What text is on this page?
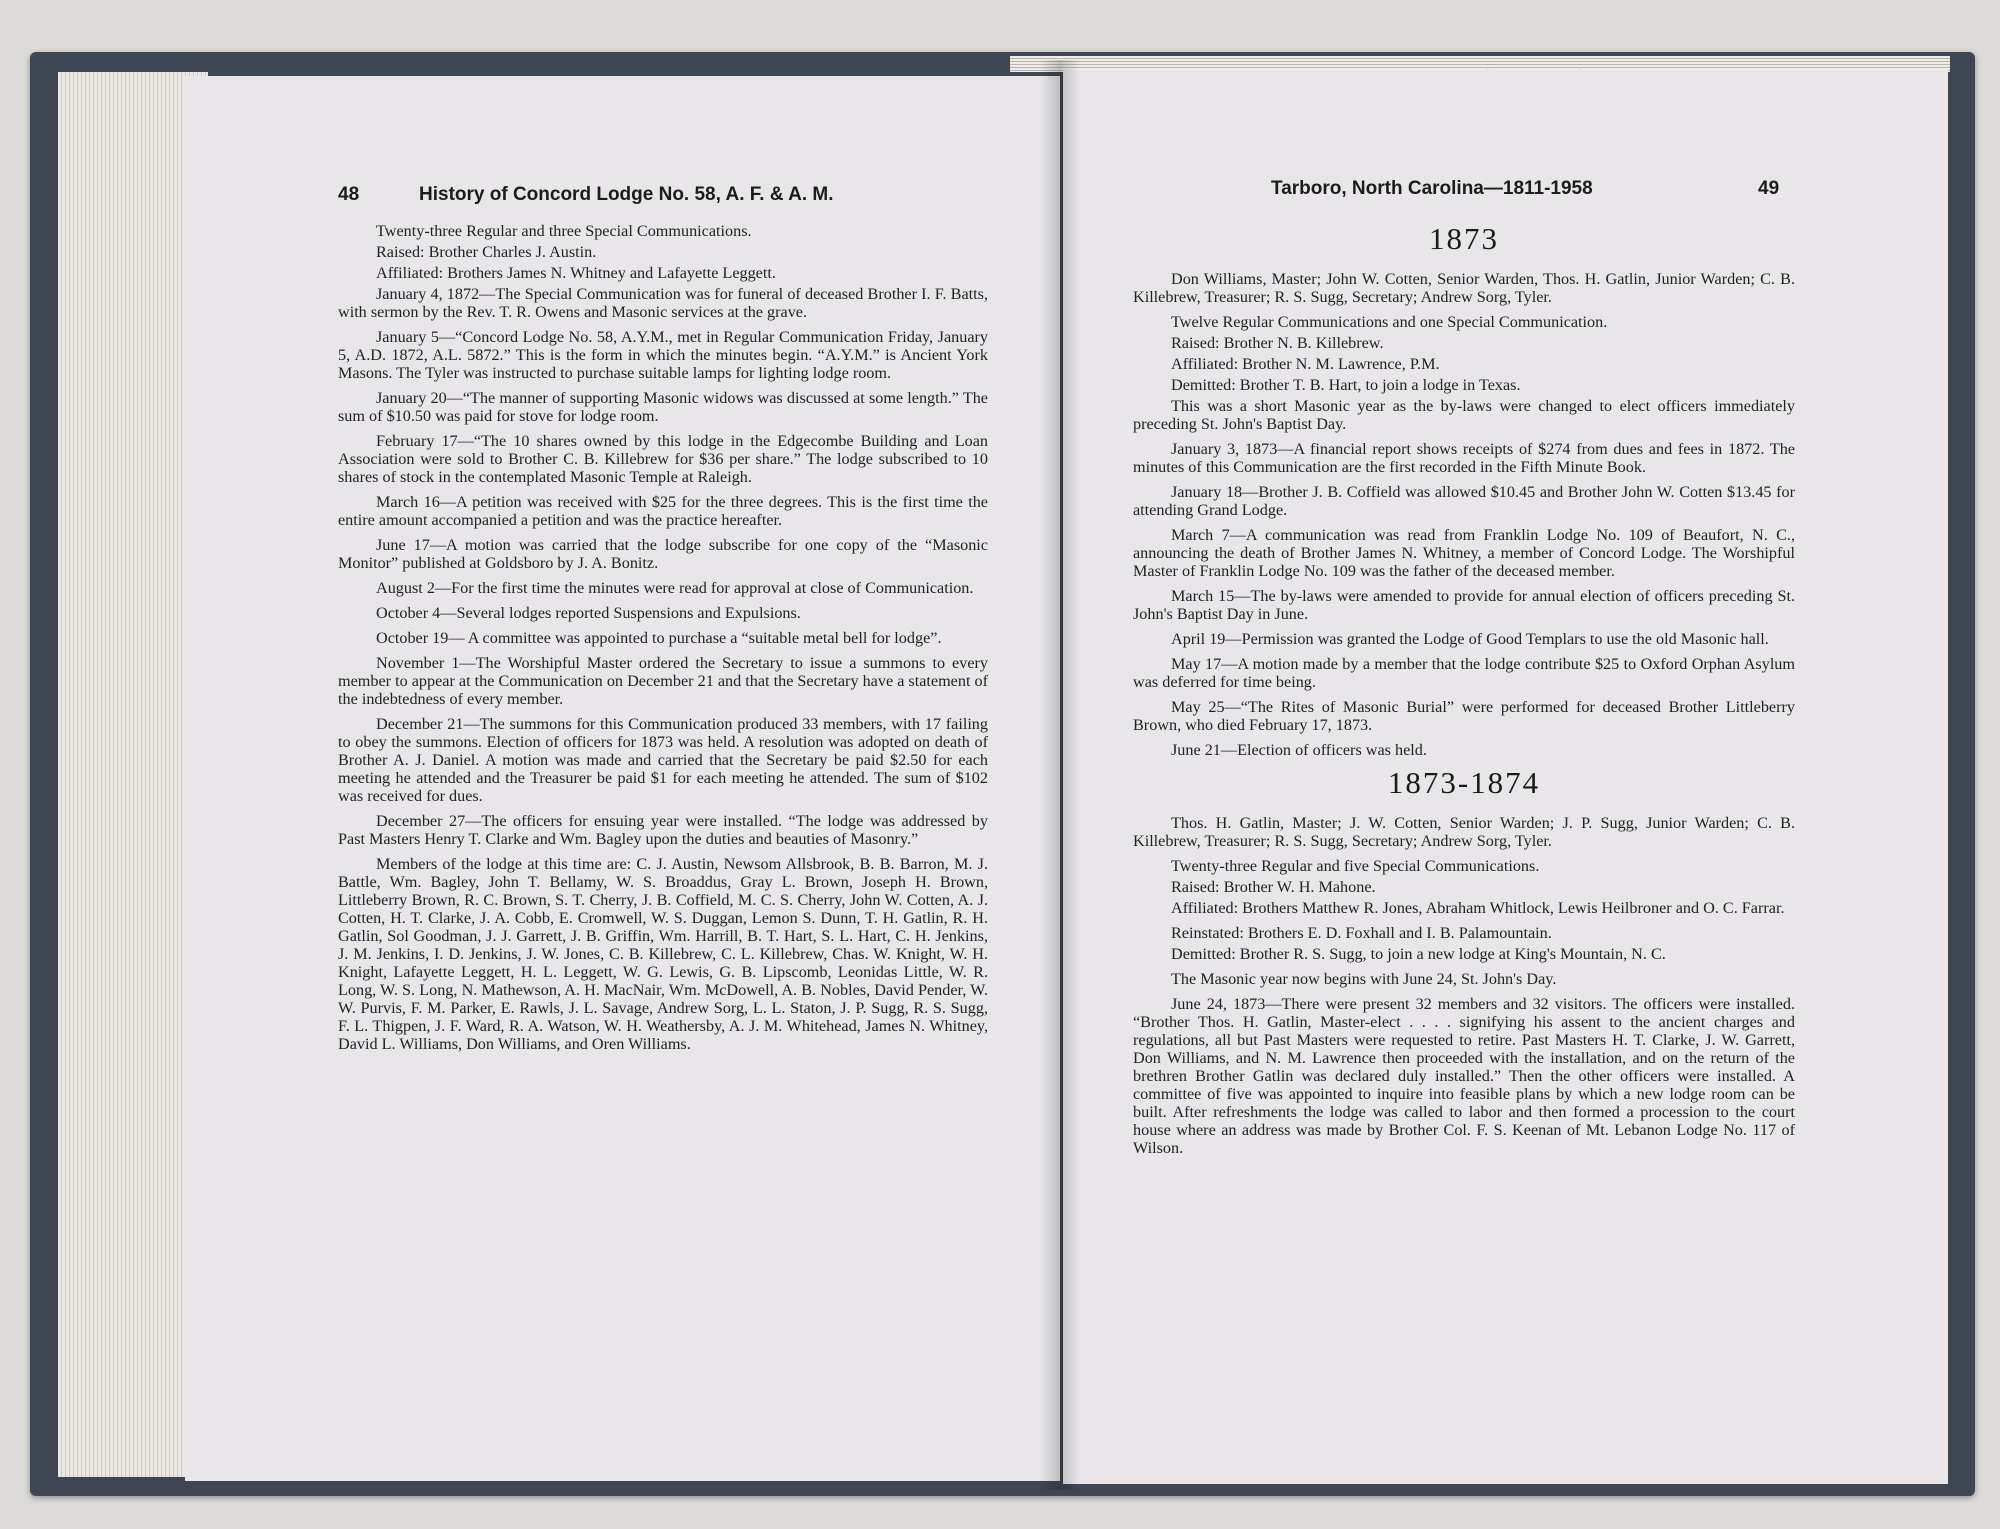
48	History of Concord Lodge No. 58, A. F. & A. M.

Twenty-three Regular and three Special Communications.

Raised: Brother Charles J. Austin.

Affiliated: Brothers James N. Whitney and Lafayette Leggett.

January 4, 1872—The Special Communication was for funeral of deceased Brother I. F. Batts, with sermon by the Rev. T. R. Owens and Masonic services at the grave.

January 5—“Concord Lodge No. 58, A.Y.M., met in Regular Communication Friday, January 5, A.D. 1872, A.L. 5872.” This is the form in which the minutes begin. “A.Y.M.” is Ancient York Masons. The Tyler was instructed to purchase suitable lamps for lighting lodge room.

January 20—“The manner of supporting Masonic widows was discussed at some length.” The sum of $10.50 was paid for stove for lodge room.

February 17—“The 10 shares owned by this lodge in the Edgecombe Building and Loan Association were sold to Brother C. B. Killebrew for $36 per share.” The lodge subscribed to 10 shares of stock in the contemplated Masonic Temple at Raleigh.

March 16—A petition was received with $25 for the three degrees. This is the first time the entire amount accompanied a petition and was the practice hereafter.

June 17—A motion was carried that the lodge subscribe for one copy of the “Masonic Monitor” published at Goldsboro by J. A. Bonitz.

August 2—For the first time the minutes were read for approval at close of Communication.

October 4—Several lodges reported Suspensions and Expulsions.

October 19— A committee was appointed to purchase a “suitable metal bell for lodge”.

November 1—The Worshipful Master ordered the Secretary to issue a summons to every member to appear at the Communication on December 21 and that the Secretary have a statement of the indebtedness of every member.

December 21—The summons for this Communication produced 33 members, with 17 failing to obey the summons. Election of officers for 1873 was held. A resolution was adopted on death of Brother A. J. Daniel. A motion was made and carried that the Secretary be paid $2.50 for each meeting he attended and the Treasurer be paid $1 for each meeting he attended. The sum of $102 was received for dues.

December 27—The officers for ensuing year were installed. “The lodge was addressed by Past Masters Henry T. Clarke and Wm. Bagley upon the duties and beauties of Masonry.”

Members of the lodge at this time are: C. J. Austin, Newsom Allsbrook, B. B. Barron, M. J. Battle, Wm. Bagley, John T. Bellamy, W. S. Broaddus, Gray L. Brown, Joseph H. Brown, Littleberry Brown, R. C. Brown, S. T. Cherry, J. B. Coffield, M. C. S. Cherry, John W. Cotten, A. J. Cotten, H. T. Clarke, J. A. Cobb, E. Cromwell, W. S. Duggan, Lemon S. Dunn, T. H. Gatlin, R. H. Gatlin, Sol Goodman, J. J. Garrett, J. B. Griffin, Wm. Harrill, B. T. Hart, S. L. Hart, C. H. Jenkins, J. M. Jenkins, I. D. Jenkins, J. W. Jones, C. B. Killebrew, C. L. Killebrew, Chas. W. Knight, W. H. Knight, Lafayette Leggett, H. L. Leggett, W. G. Lewis, G. B. Lipscomb, Leonidas Little, W. R. Long, W. S. Long, N. Mathewson, A. H. MacNair, Wm. McDowell, A. B. Nobles, David Pender, W. W. Purvis, F. M. Parker, E. Rawls, J. L. Savage, Andrew Sorg, L. L. Staton, J. P. Sugg, R. S. Sugg, F. L. Thigpen, J. F. Ward, R. A. Watson, W. H. Weathersby, A. J. M. Whitehead, James N. Whitney, David L. Williams, Don Williams, and Oren Williams.

Tarboro, North Carolina—1811-1958	49
1873

Don Williams, Master; John W. Cotten, Senior Warden, Thos. H. Gatlin, Junior Warden; C. B. Killebrew, Treasurer; R. S. Sugg, Secretary; Andrew Sorg, Tyler.

Twelve Regular Communications and one Special Communication.

Raised: Brother N. B. Killebrew.

Affiliated: Brother N. M. Lawrence, P.M.

Demitted: Brother T. B. Hart, to join a lodge in Texas.

This was a short Masonic year as the by-laws were changed to elect officers immediately preceding St. John's Baptist Day.

January 3, 1873—A financial report shows receipts of $274 from dues and fees in 1872. The minutes of this Communication are the first recorded in the Fifth Minute Book.

January 18—Brother J. B. Coffield was allowed $10.45 and Brother John W. Cotten $13.45 for attending Grand Lodge.

March 7—A communication was read from Franklin Lodge No. 109 of Beaufort, N. C., announcing the death of Brother James N. Whitney, a member of Concord Lodge. The Worshipful Master of Franklin Lodge No. 109 was the father of the deceased member.

March 15—The by-laws were amended to provide for annual election of officers preceding St. John's Baptist Day in June.

April 19—Permission was granted the Lodge of Good Templars to use the old Masonic hall.

May 17—A motion made by a member that the lodge contribute $25 to Oxford Orphan Asylum was deferred for time being.

May 25—“The Rites of Masonic Burial” were performed for deceased Brother Littleberry Brown, who died February 17, 1873.

June 21—Election of officers was held.

1873-1874

Thos. H. Gatlin, Master; J. W. Cotten, Senior Warden; J. P. Sugg, Junior Warden; C. B. Killebrew, Treasurer; R. S. Sugg, Secretary; Andrew Sorg, Tyler.

Twenty-three Regular and five Special Communications.

Raised: Brother W. H. Mahone.

Affiliated: Brothers Matthew R. Jones, Abraham Whitlock, Lewis Heilbroner and O. C. Farrar.

Reinstated: Brothers E. D. Foxhall and I. B. Palamountain.

Demitted: Brother R. S. Sugg, to join a new lodge at King's Mountain, N. C.

The Masonic year now begins with June 24, St. John's Day.

June 24, 1873—There were present 32 members and 32 visitors. The officers were installed. “Brother Thos. H. Gatlin, Master-elect . . . . signifying his assent to the ancient charges and regulations, all but Past Masters were requested to retire. Past Masters H. T. Clarke, J. W. Garrett, Don Williams, and N. M. Lawrence then proceeded with the installation, and on the return of the brethren Brother Gatlin was declared duly installed.” Then the other officers were installed. A committee of five was appointed to inquire into feasible plans by which a new lodge room can be built. After refreshments the lodge was called to labor and then formed a procession to the court house where an address was made by Brother Col. F. S. Keenan of Mt. Lebanon Lodge No. 117 of Wilson.
